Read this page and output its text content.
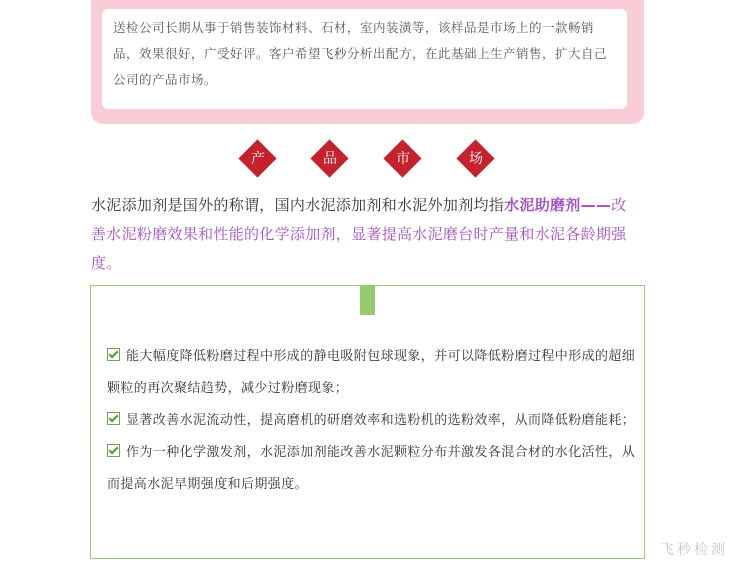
送检公司长期从事于销售装饰材料、石材，室内装潢等，该样品是市场上的一款畅销品，效果很好，广受好评。客户希望飞秒分析出配方，在此基础上生产销售，扩大自己公司的产品市场。
产	品	市	场
水泥添加剂是国外的称谓，国内水泥添加剂和水泥外加剂均指水泥助磨剂——改善水泥粉磨效果和性能的化学添加剂，显著提高水泥磨台时产量和水泥各龄期强度。
能大幅度降低粉磨过程中形成的静电吸附包球现象，并可以降低粉磨过程中形成的超细颗粒的再次聚结趋势，减少过粉磨现象；
显著改善水泥流动性，提高磨机的研磨效率和选粉机的选粉效率，从而降低粉磨能耗；
作为一种化学激发剂，水泥添加剂能改善水泥颗粒分布并激发各混合材的水化活性，从而提高水泥早期强度和后期强度。
飞秒检测
